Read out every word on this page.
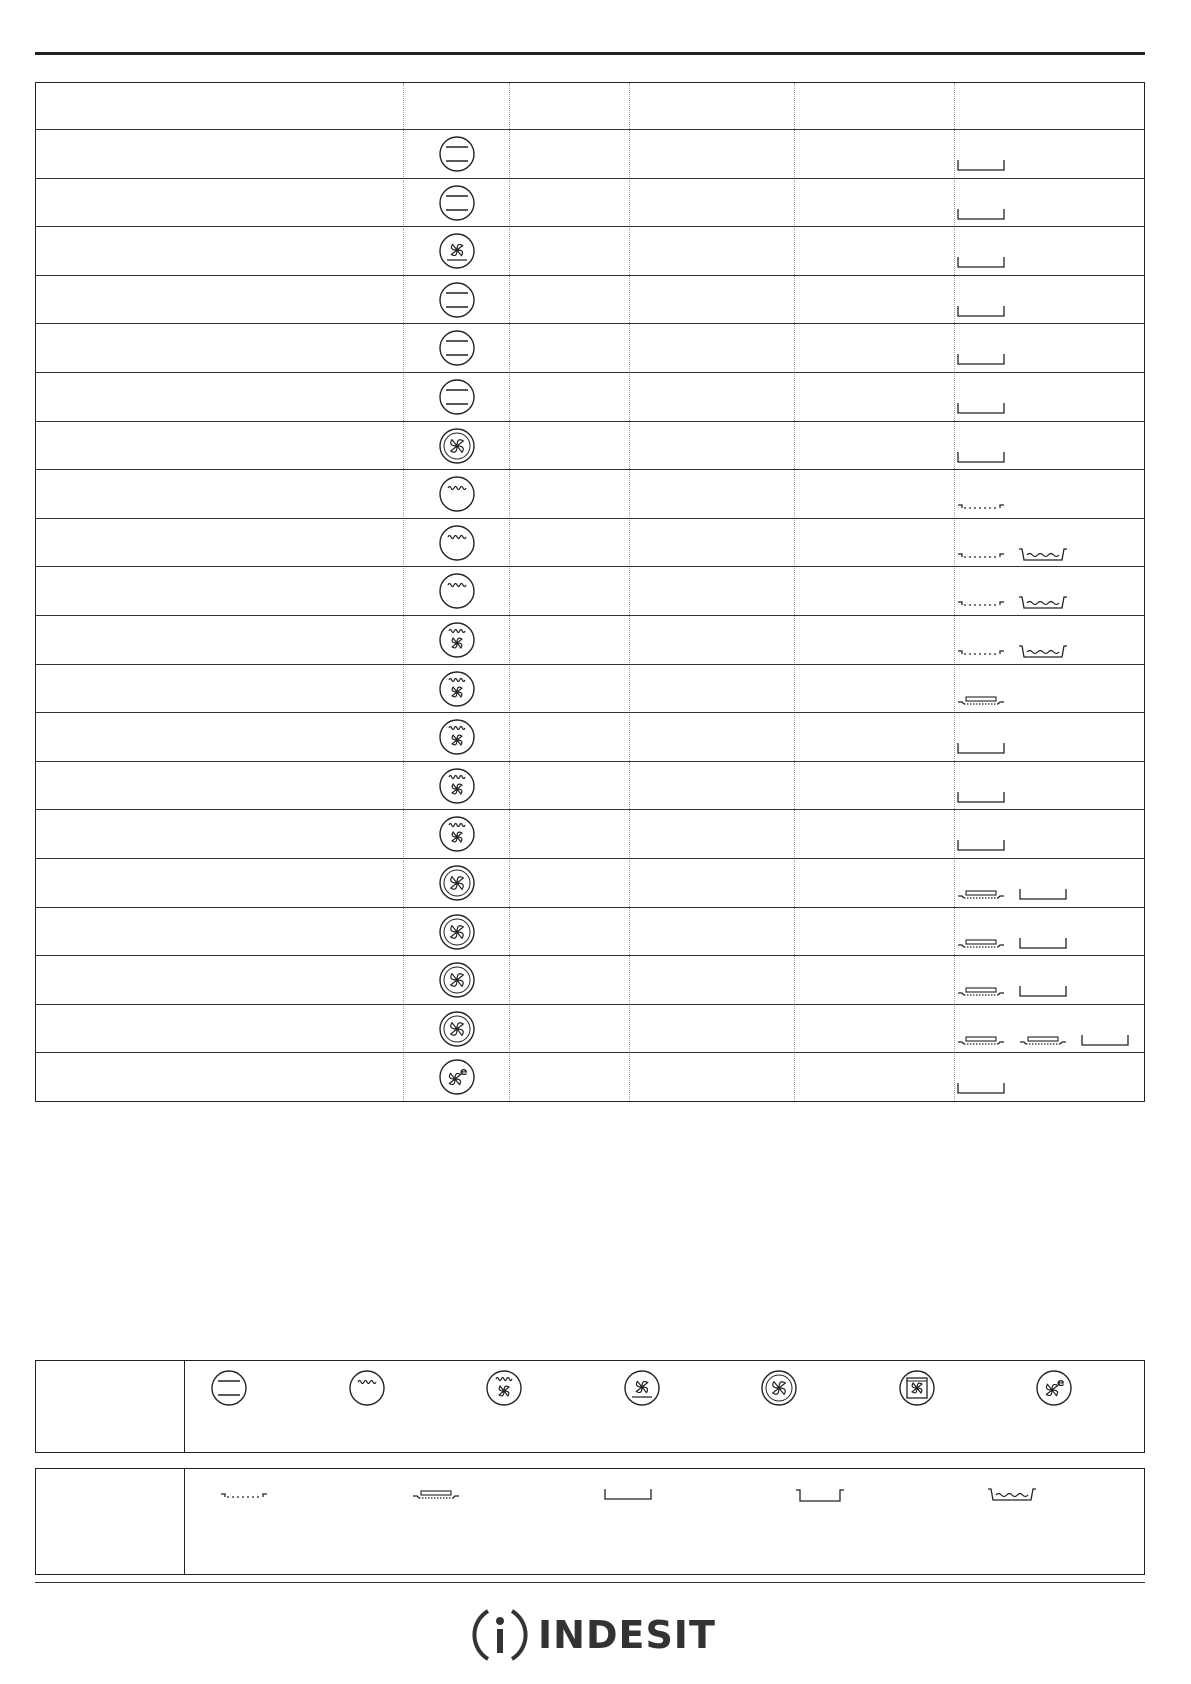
e
e
INDESIT
